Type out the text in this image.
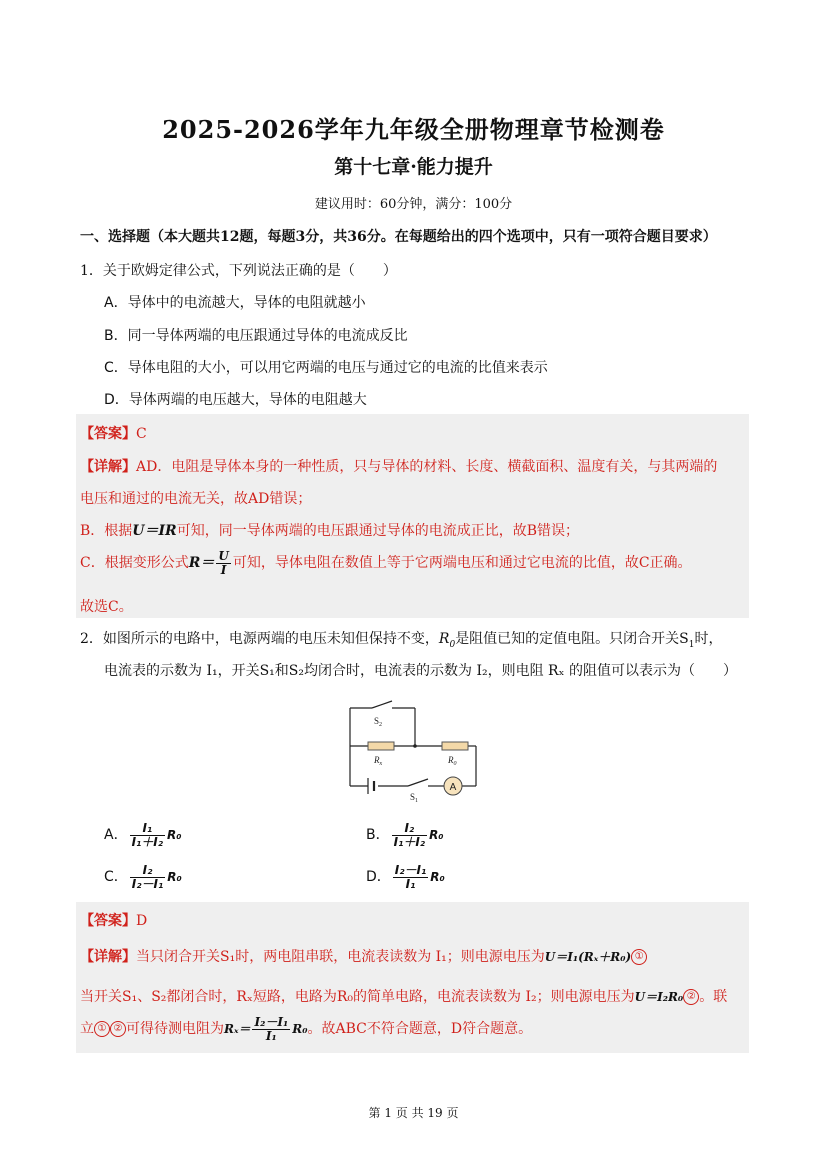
2025-2026学年九年级全册物理章节检测卷
第十七章·能力提升
建议用时：60分钟，满分：100分
一、选择题（本大题共12题，每题3分，共36分。在每题给出的四个选项中，只有一项符合题目要求）
1．关于欧姆定律公式，下列说法正确的是（　　）
A．导体中的电流越大，导体的电阻就越小
B．同一导体两端的电压跟通过导体的电流成反比
C．导体电阻的大小，可以用它两端的电压与通过它的电流的比值来表示
D．导体两端的电压越大，导体的电阻越大
【答案】C
【详解】AD．电阻是导体本身的一种性质，只与导体的材料、长度、横截面积、温度有关，与其两端的
电压和通过的电流无关，故AD错误；
B．根据U＝IR可知，同一导体两端的电压跟通过导体的电流成正比，故B错误；
C．根据变形公式$R= \frac{U}{I}$ 可知，导体电阻在数值上等于它两端电压和通过它电流的比值，故C正确。
故选C。
2．如图所示的电路中，电源两端的电压未知但保持不变，$R_0$是阻值已知的定值电阻。只闭合开关$S_1$时，
电流表的示数为 I₁，开关S₁和S₂均闭合时，电流表的示数为 I₂，则电阻 Rₓ 的阻值可以表示为（　　）
A
$S_2$
$R_x$	$R_0$
$S_1$
A． $\frac{\text{I₁}}{\text{I₁＋I₂}} R_0$	B． $\frac{\text{I₂}}{\text{I₁＋I₂}} R_0$
C． $\frac{\text{I₂}}{\text{I₂－I₁}} R_0$	D． $\frac{\text{I₂－I₁}}{\text{I₁}} R_0$
【答案】D
【详解】当只闭合开关S₁时，两电阻串联，电流表读数为 I₁；则电源电压为U＝I₁(Rₓ＋R₀) ①
当开关S₁、S₂都闭合时，Rₓ短路，电路为R₀的简单电路，电流表读数为 I₂；则电源电压为U＝I₂R₀ ② 。联
立 ① ② 可得待测电阻为$R_x= \frac{\text{I₂－I₁}}{\text{I₁}} R_0$。故ABC不符合题意，D符合题意。
第 1 页 共 19 页
